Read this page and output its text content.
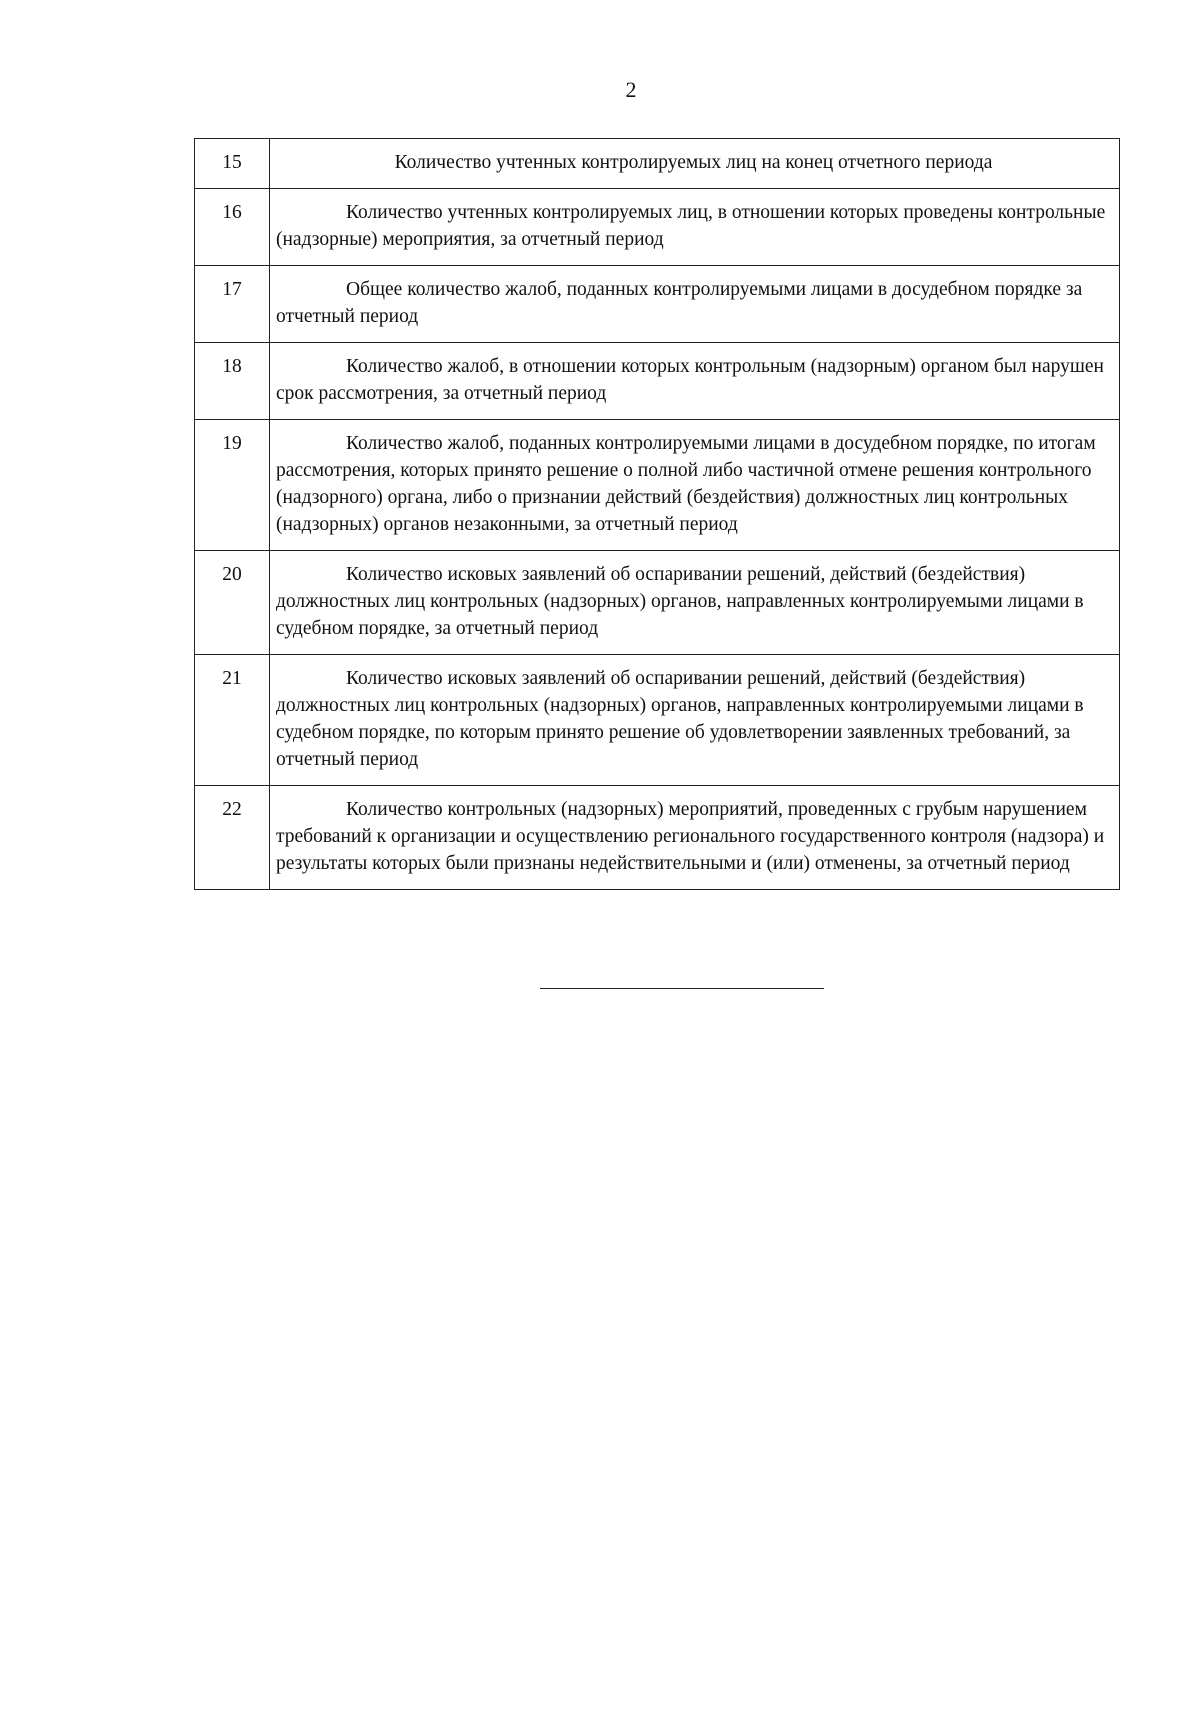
2
15	Количество учтенных контролируемых лиц на конец отчетного периода

16	Количество учтенных контролируемых лиц, в отношении которых проведены контрольные (надзорные) мероприятия, за отчетный период

17	Общее количество жалоб, поданных контролируемыми лицами в досудебном порядке за отчетный период

18	Количество жалоб, в отношении которых контрольным (надзорным) органом был нарушен срок рассмотрения, за отчетный период

19	Количество жалоб, поданных контролируемыми лицами в досудебном порядке, по итогам рассмотрения, которых принято решение о полной либо частичной отмене решения контрольного (надзорного) органа, либо о признании действий (бездействия) должностных лиц контрольных (надзорных) органов незаконными, за отчетный период

20	Количество исковых заявлений об оспаривании решений, действий (бездействия) должностных лиц контрольных (надзорных) органов, направленных контролируемыми лицами в судебном порядке, за отчетный период

21	Количество исковых заявлений об оспаривании решений, действий (бездействия) должностных лиц контрольных (надзорных) органов, направленных контролируемыми лицами в судебном порядке, по которым принято решение об удовлетворении заявленных требований, за отчетный период

22	Количество контрольных (надзорных) мероприятий, проведенных с грубым нарушением требований к организации и осуществлению регионального государственного контроля (надзора) и результаты которых были признаны недействительными и (или) отменены, за отчетный период
